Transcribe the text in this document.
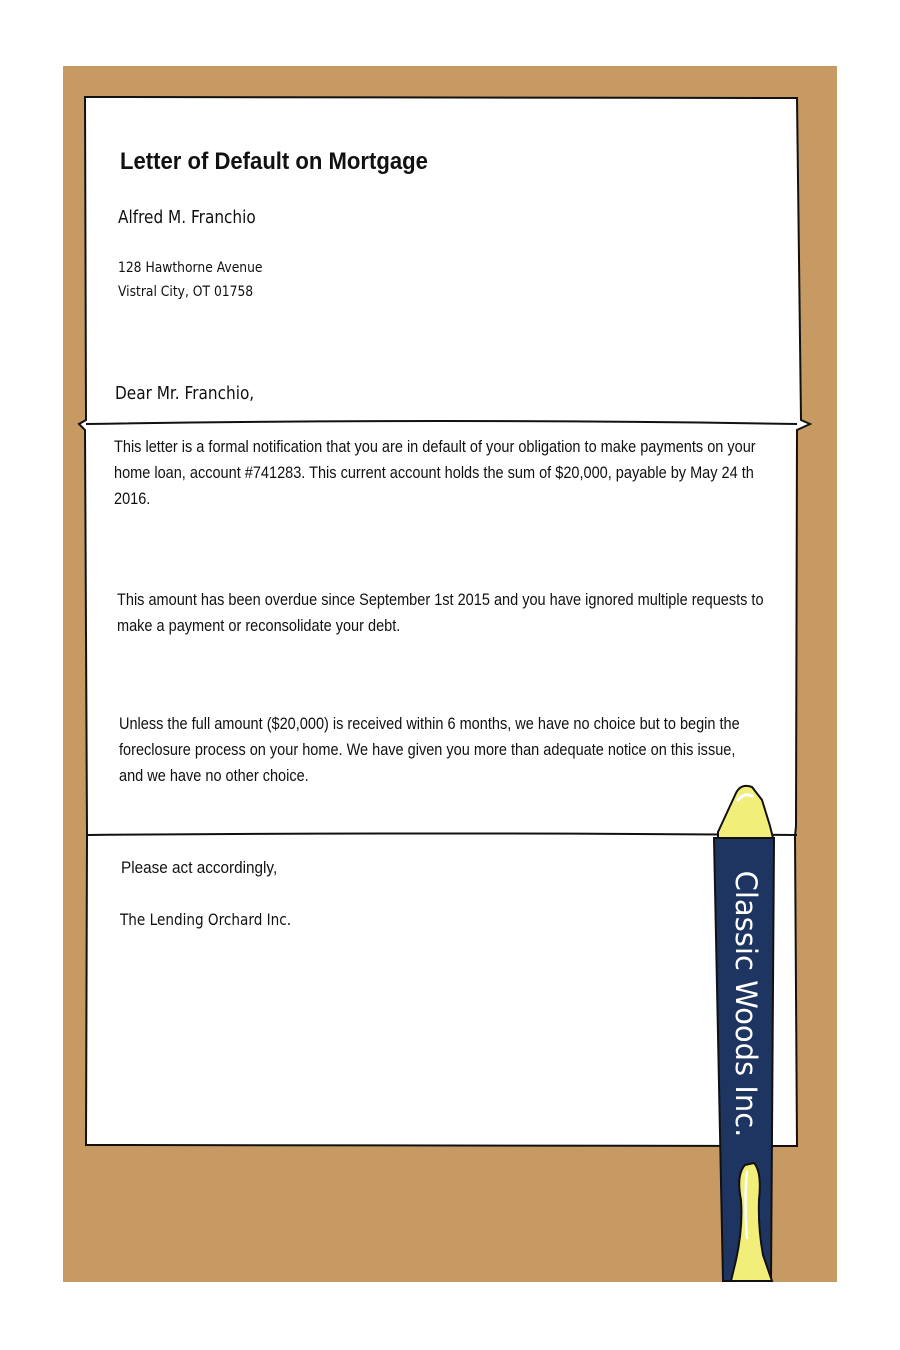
Letter of Default on Mortgage
Alfred M. Franchio
128 Hawthorne Avenue
Vistral City, OT 01758
Dear Mr. Franchio,
This letter is a formal notification that you are in default of your obligation to make payments on your
home loan, account #741283. This current account holds the sum of $20,000, payable by May 24 th
2016.
This amount has been overdue since September 1st 2015 and you have ignored multiple requests to
make a payment or reconsolidate your debt.
Unless the full amount ($20,000) is received within 6 months, we have no choice but to begin the
foreclosure process on your home. We have given you more than adequate notice on this issue,
and we have no other choice.
Please act accordingly,
The Lending Orchard Inc.	Classic Woods Inc.
